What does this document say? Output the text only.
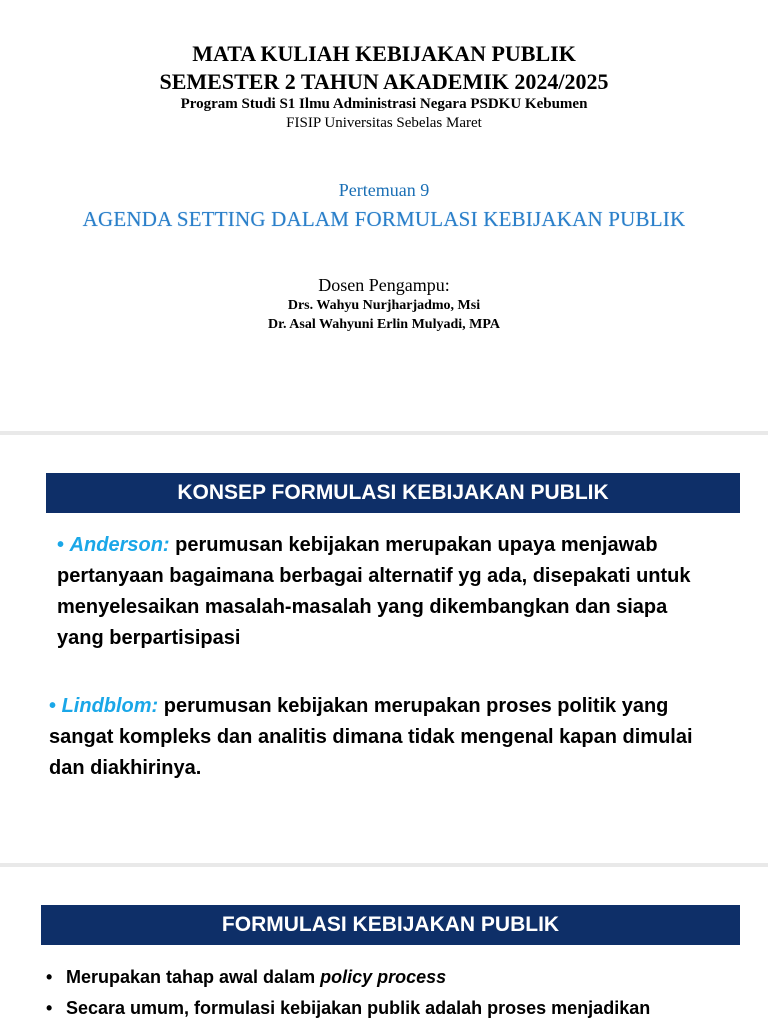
MATA KULIAH KEBIJAKAN PUBLIK
SEMESTER 2 TAHUN AKADEMIK 2024/2025
Program Studi S1 Ilmu Administrasi Negara PSDKU Kebumen
FISIP Universitas Sebelas Maret
Pertemuan 9
AGENDA SETTING DALAM FORMULASI KEBIJAKAN PUBLIK
Dosen Pengampu:
Drs. Wahyu Nurjharjadmo, Msi
Dr. Asal Wahyuni Erlin Mulyadi, MPA
KONSEP FORMULASI KEBIJAKAN PUBLIK
• Anderson: perumusan kebijakan merupakan upaya menjawab pertanyaan bagaimana berbagai alternatif yg ada, disepakati untuk menyelesaikan masalah-masalah yang dikembangkan dan siapa yang berpartisipasi
• Lindblom: perumusan kebijakan merupakan proses politik yang sangat kompleks dan analitis dimana tidak mengenal kapan dimulai dan diakhirinya.
FORMULASI KEBIJAKAN PUBLIK
• Merupakan tahap awal dalam policy process
• Secara umum, formulasi kebijakan publik adalah proses menjadikan
